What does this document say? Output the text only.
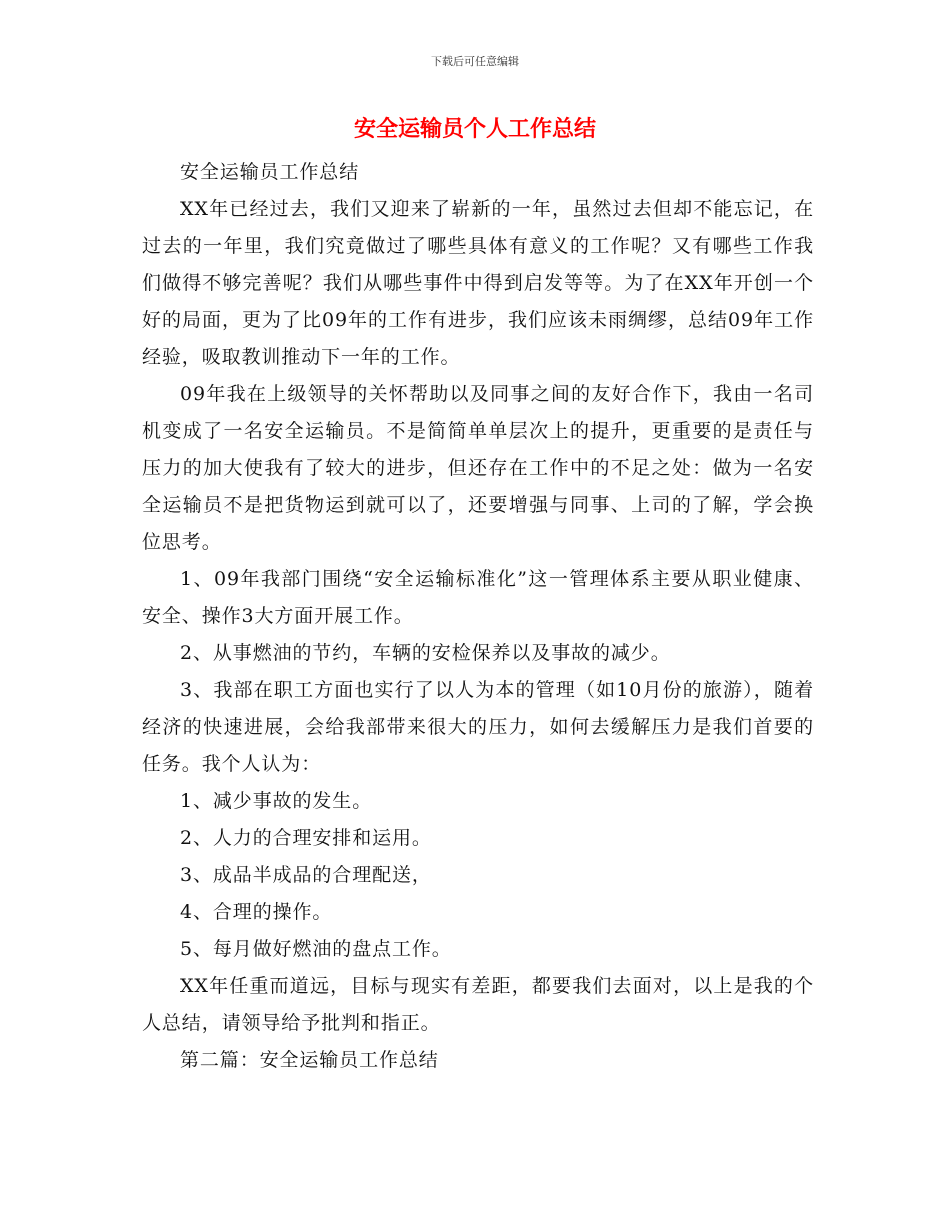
下载后可任意编辑
安全运输员个人工作总结

安全运输员工作总结

XX年已经过去，我们又迎来了崭新的一年，虽然过去但却不能忘记，在过去的一年里，我们究竟做过了哪些具体有意义的工作呢？又有哪些工作我们做得不够完善呢？我们从哪些事件中得到启发等等。为了在XX年开创一个好的局面，更为了比09年的工作有进步，我们应该未雨绸缪，总结09年工作经验，吸取教训推动下一年的工作。

09年我在上级领导的关怀帮助以及同事之间的友好合作下，我由一名司机变成了一名安全运输员。不是简简单单层次上的提升，更重要的是责任与压力的加大使我有了较大的进步，但还存在工作中的不足之处：做为一名安全运输员不是把货物运到就可以了，还要增强与同事、上司的了解，学会换位思考。

1、09年我部门围绕“安全运输标准化”这一管理体系主要从职业健康、安全、操作3大方面开展工作。

2、从事燃油的节约，车辆的安检保养以及事故的减少。

3、我部在职工方面也实行了以人为本的管理（如10月份的旅游），随着经济的快速进展，会给我部带来很大的压力，如何去缓解压力是我们首要的任务。我个人认为：

1、减少事故的发生。

2、人力的合理安排和运用。

3、成品半成品的合理配送，

4、合理的操作。

5、每月做好燃油的盘点工作。

XX年任重而道远，目标与现实有差距，都要我们去面对，以上是我的个人总结，请领导给予批判和指正。

第二篇：安全运输员工作总结
